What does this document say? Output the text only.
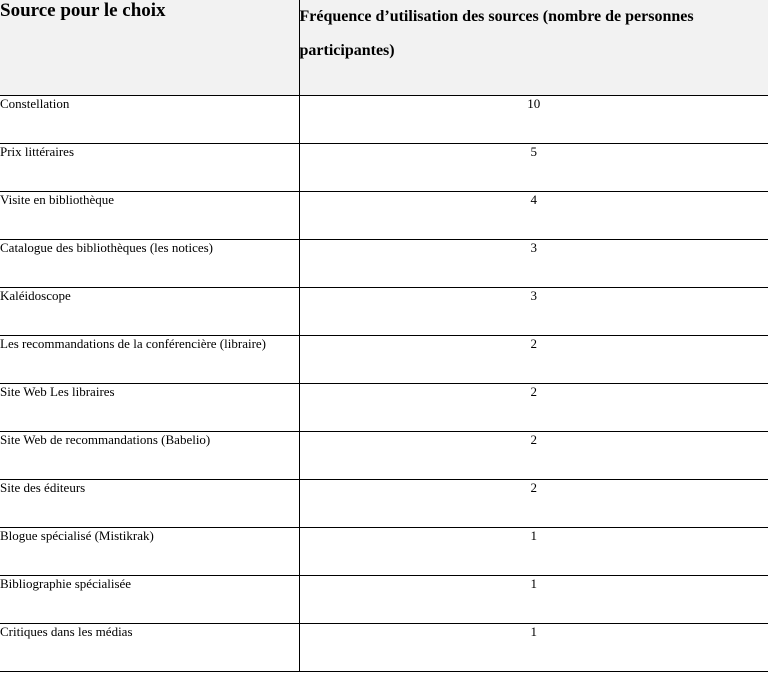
Source pour le choix	Fréquence d’utilisation des sources (nombre de personnes participantes)
Constellation	10
Prix littéraires	5
Visite en bibliothèque	4
Catalogue des bibliothèques (les notices)	3
Kaléidoscope	3
Les recommandations de la conférencière (libraire)	2
Site Web Les libraires	2
Site Web de recommandations (Babelio)	2
Site des éditeurs	2
Blogue spécialisé (Mistikrak)	1
Bibliographie spécialisée	1
Critiques dans les médias	1
